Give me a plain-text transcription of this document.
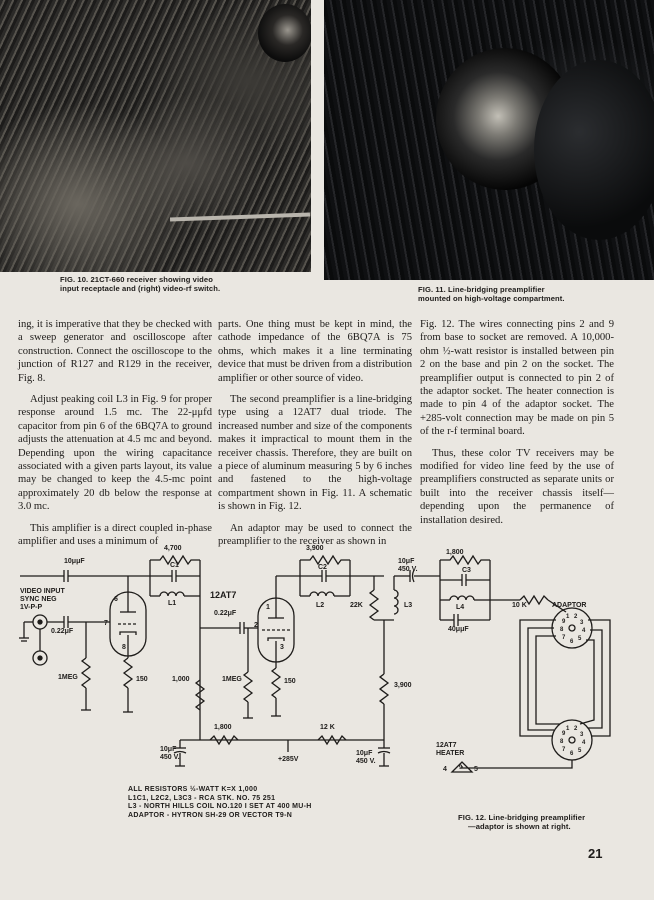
FIG. 10. 21CT-660 receiver showing video
input receptacle and (right) video-rf switch.	FIG. 11. Line-bridging preamplifier
mounted on high-voltage compartment.

ing, it is imperative that they be checked with a sweep generator and oscilloscope after construction. Connect the oscilloscope to the junction of R127 and R129 in the receiver, Fig. 8.

Adjust peaking coil L3 in Fig. 9 for proper response around 1.5 mc. The 22-μμfd capacitor from pin 6 of the 6BQ7A to ground adjusts the attenuation at 4.5 mc and beyond. Depending upon the wiring capacitance associated with a given parts layout, its value may be changed to keep the 4.5-mc point approximately 20 db below the response at 3.0 mc.

This amplifier is a direct coupled in-phase amplifier and uses a minimum of

parts. One thing must be kept in mind, the cathode impedance of the 6BQ7A is 75 ohms, which makes it a line terminating device that must be driven from a distribution amplifier or other source of video.

The second preamplifier is a line-bridging type using a 12AT7 dual triode. The increased number and size of the components makes it impractical to mount them in the receiver chassis. Therefore, they are built on a piece of aluminum measuring 5 by 6 inches and fastened to the high-voltage compartment shown in Fig. 11. A schematic is shown in Fig. 12.

An adaptor may be used to connect the preamplifier to the receiver as shown in

Fig. 12. The wires connecting pins 2 and 9 from base to socket are removed. A 10,000-ohm ½-watt resistor is installed between pin 2 on the base and pin 2 on the socket. The preamplifier output is connected to pin 2 of the adaptor socket. The heater connection is made to pin 4 of the adaptor socket. The +285-volt connection may be made on pin 5 of the r-f terminal board.

Thus, these color TV receivers may be modified for video line feed by the use of preamplifiers constructed as separate units or built into the receiver chassis itself—depending upon the permanence of installation desired.

10μμF
VIDEO INPUT
SYNC NEG
1V-P-P
0.22μF
1MEG	150
6
7
8
4,700
C1
L1
12AT7
0.22μF
1,000	1MEG	150
1
2
3
1,800
10μF
450 V.
3,900
C2
L2	22K	L3
12 K
+285V
10μF
450 V.
3,900
10μF
450 V.
1,800
C3
L4
40μμF
10 K	ADAPTOR
12AT7
HEATER
1 2
3
4
5
6
7
8
9
1 2
3
4
5
6
7
8
9
4 9 5
ALL RESISTORS ½-WATT K=X 1,000
L1C1, L2C2, L3C3 - RCA STK. NO. 75 251
L3 - NORTH HILLS COIL NO.120 I SET AT 400 MU-H
ADAPTOR - HYTRON SH-29 OR VECTOR T9-N	FIG. 12. Line-bridging preamplifier
—adaptor is shown at right.
21
